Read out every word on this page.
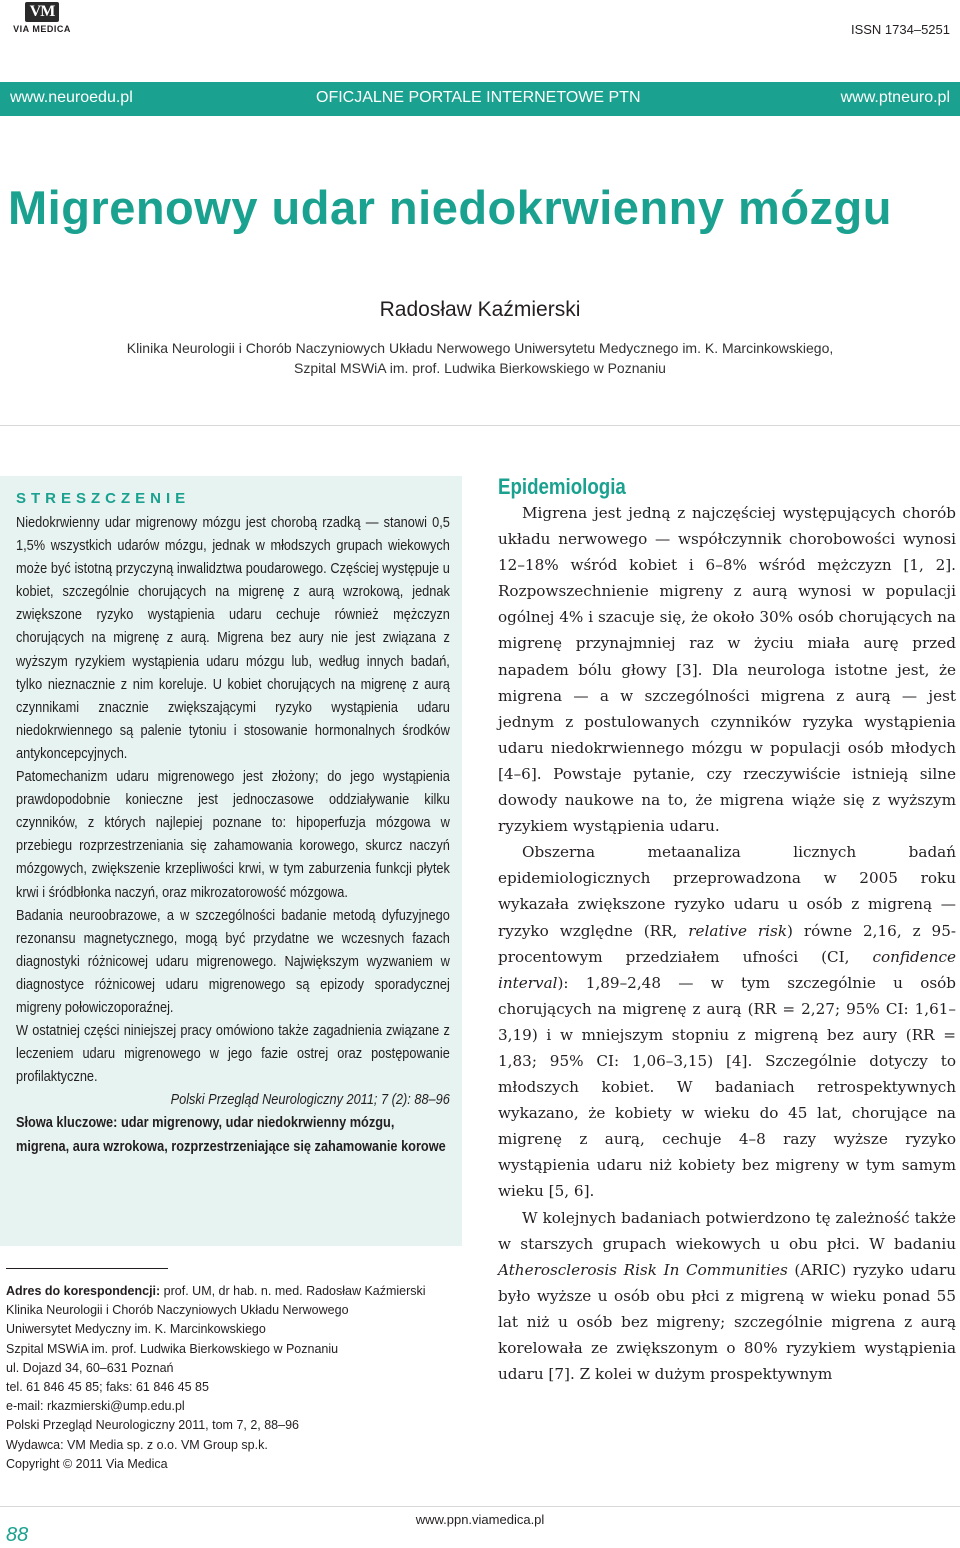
VM
VIA MEDICA	ISSN 1734–5251
www.neuroedu.pl	OFICJALNE PORTALE INTERNETOWE PTN	www.ptneuro.pl
Migrenowy udar niedokrwienny mózgu
Radosław Kaźmierski
Klinika Neurologii i Chorób Naczyniowych Układu Nerwowego Uniwersytetu Medycznego im. K. Marcinkowskiego,
Szpital MSWiA im. prof. Ludwika Bierkowskiego w Poznaniu
STRESZCZENIE

Niedokrwienny udar migrenowy mózgu jest chorobą rzadką — stanowi 0,5 1,5% wszystkich udarów mózgu, jednak w młodszych grupach wiekowych może być istotną przyczyną inwalidztwa poudarowego. Częściej występuje u kobiet, szczególnie chorujących na migrenę z aurą wzrokową, jednak zwiększone ryzyko wystąpienia udaru cechuje również mężczyzn chorujących na migrenę z aurą. Migrena bez aury nie jest związana z wyższym ryzykiem wystąpienia udaru mózgu lub, według innych badań, tylko nieznacznie z nim koreluje. U kobiet chorujących na migrenę z aurą czynnikami znacznie zwiększającymi ryzyko wystąpienia udaru niedokrwiennego są palenie tytoniu i stosowanie hormonalnych środków antykoncepcyjnych.

Patomechanizm udaru migrenowego jest złożony; do jego wystąpienia prawdopodobnie konieczne jest jednoczasowe oddziaływanie kilku czynników, z których najlepiej poznane to: hipoperfuzja mózgowa w przebiegu rozprzestrzeniania się zahamowania korowego, skurcz naczyń mózgowych, zwiększenie krzepliwości krwi, w tym zaburzenia funkcji płytek krwi i śródbłonka naczyń, oraz mikrozatorowość mózgowa.

Badania neuroobrazowe, a w szczególności badanie metodą dyfuzyjnego rezonansu magnetycznego, mogą być przydatne we wczesnych fazach diagnostyki różnicowej udaru migrenowego. Największym wyzwaniem w diagnostyce różnicowej udaru migrenowego są epizody sporadycznej migreny połowiczoporaźnej.

W ostatniej części niniejszej pracy omówiono także zagadnienia związane z leczeniem udaru migrenowego w jego fazie ostrej oraz postępowanie profilaktyczne.

Polski Przegląd Neurologiczny 2011; 7 (2): 88–96

Słowa kluczowe: udar migrenowy, udar niedokrwienny mózgu, migrena, aura wzrokowa, rozprzestrzeniające się zahamowanie korowe

Adres do korespondencji: prof. UM, dr hab. n. med. Radosław Kaźmierski
Klinika Neurologii i Chorób Naczyniowych Układu Nerwowego
Uniwersytet Medyczny im. K. Marcinkowskiego
Szpital MSWiA im. prof. Ludwika Bierkowskiego w Poznaniu
ul. Dojazd 34, 60–631 Poznań
tel. 61 846 45 85; faks: 61 846 45 85
e-mail: rkazmierski@ump.edu.pl
Polski Przegląd Neurologiczny 2011, tom 7, 2, 88–96
Wydawca: VM Media sp. z o.o. VM Group sp.k.
Copyright © 2011 Via Medica
Epidemiologia

Migrena jest jedną z najczęściej występujących chorób układu nerwowego — współczynnik chorobowości wynosi 12–18% wśród kobiet i 6–8% wśród mężczyzn [1, 2]. Rozpowszechnienie migreny z aurą wynosi w populacji ogólnej 4% i szacuje się, że około 30% osób chorujących na migrenę przynajmniej raz w życiu miała aurę przed napadem bólu głowy [3]. Dla neurologa istotne jest, że migrena — a w szczególności migrena z aurą — jest jednym z postulowanych czynników ryzyka wystąpienia udaru niedokrwiennego mózgu w populacji osób młodych [4–6]. Powstaje pytanie, czy rzeczywiście istnieją silne dowody naukowe na to, że migrena wiąże się z wyższym ryzykiem wystąpienia udaru.

Obszerna metaanaliza licznych badań epidemiologicznych przeprowadzona w 2005 roku wykazała zwiększone ryzyko udaru u osób z migreną — ryzyko względne (RR, relative risk) równe 2,16, z 95-procentowym przedziałem ufności (CI, confidence interval): 1,89–2,48 — w tym szczególnie u osób chorujących na migrenę z aurą (RR = 2,27; 95% CI: 1,61–3,19) i w mniejszym stopniu z migreną bez aury (RR = 1,83; 95% CI: 1,06–3,15) [4]. Szczególnie dotyczy to młodszych kobiet. W badaniach retrospektywnych wykazano, że kobiety w wieku do 45 lat, chorujące na migrenę z aurą, cechuje 4–8 razy wyższe ryzyko wystąpienia udaru niż kobiety bez migreny w tym samym wieku [5, 6].

W kolejnych badaniach potwierdzono tę zależność także w starszych grupach wiekowych u obu płci. W badaniu Atherosclerosis Risk In Communities (ARIC) ryzyko udaru było wyższe u osób obu płci z migreną w wieku ponad 55 lat niż u osób bez migreny; szczególnie migrena z aurą korelowała ze zwiększonym o 80% ryzykiem wystąpienia udaru [7]. Z kolei w dużym prospektywnym

88
www.ppn.viamedica.pl
